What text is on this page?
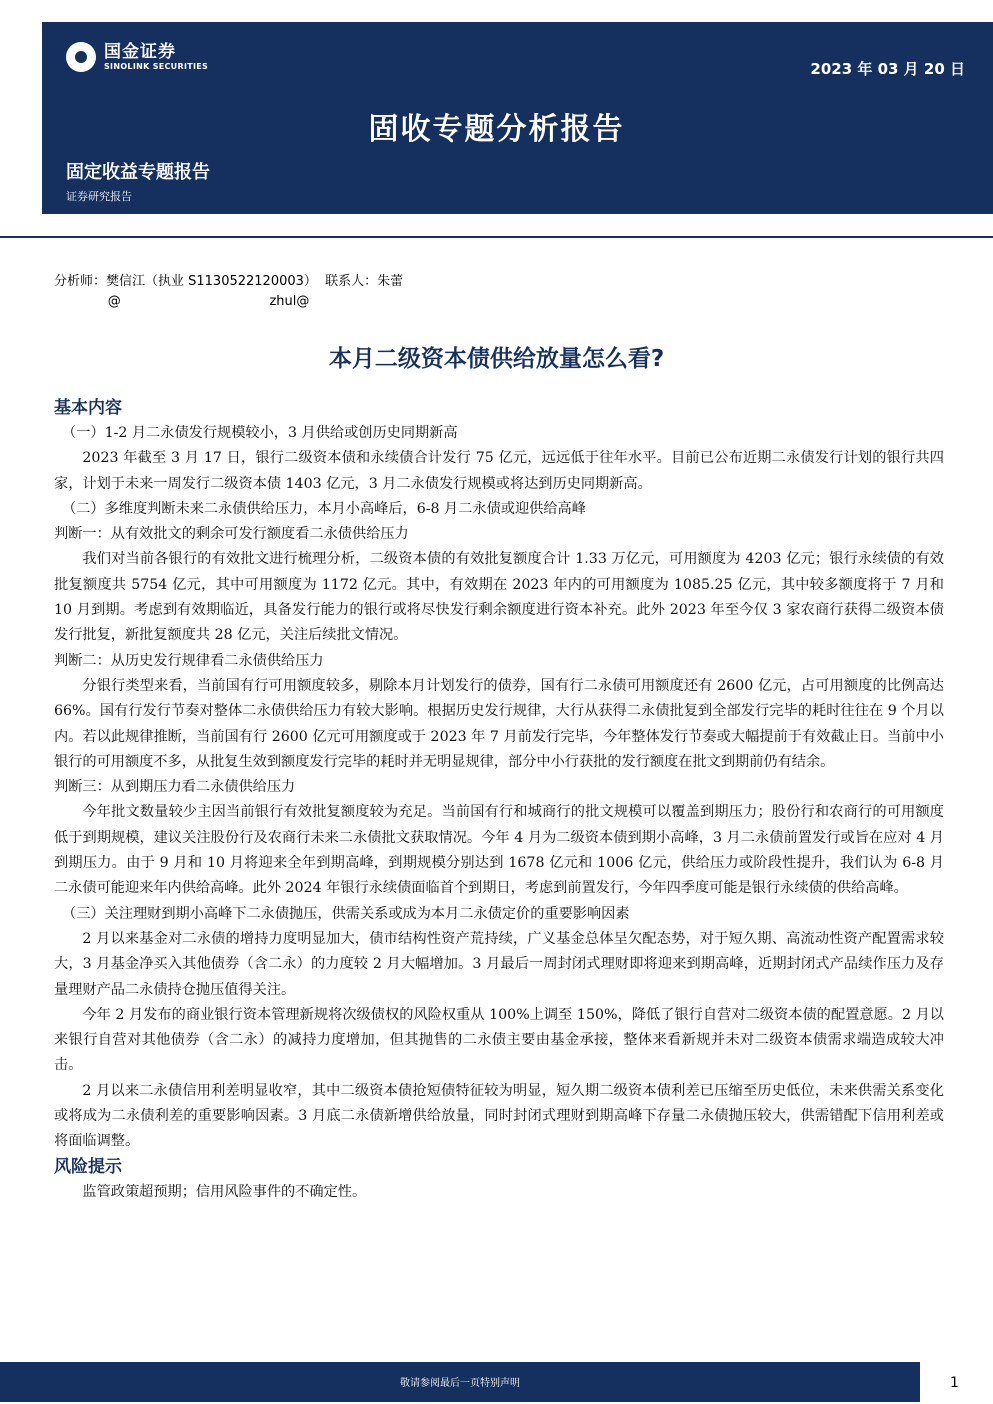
国金证券
SINOLINK SECURITIES	2023 年 03 月 20 日
固收专题分析报告
固定收益专题报告
证券研究报告
分析师：樊信江（执业 S1130522120003）  联系人：朱蕾
@                                    zhul@
本月二级资本债供给放量怎么看?
基本内容
（一）1-2 月二永债发行规模较小，3 月供给或创历史同期新高
2023 年截至 3 月 17 日，银行二级资本债和永续债合计发行 75 亿元，远远低于往年水平。目前已公布近期二永债发行计划的银行共四家，计划于未来一周发行二级资本债 1403 亿元，3 月二永债发行规模或将达到历史同期新高。
（二）多维度判断未来二永债供给压力，本月小高峰后，6-8 月二永债或迎供给高峰
判断一：从有效批文的剩余可发行额度看二永债供给压力
我们对当前各银行的有效批文进行梳理分析，二级资本债的有效批复额度合计 1.33 万亿元，可用额度为 4203 亿元；银行永续债的有效批复额度共 5754 亿元，其中可用额度为 1172 亿元。其中，有效期在 2023 年内的可用额度为 1085.25 亿元，其中较多额度将于 7 月和 10 月到期。考虑到有效期临近，具备发行能力的银行或将尽快发行剩余额度进行资本补充。此外 2023 年至今仅 3 家农商行获得二级资本债发行批复，新批复额度共 28 亿元，关注后续批文情况。
判断二：从历史发行规律看二永债供给压力
分银行类型来看，当前国有行可用额度较多，剔除本月计划发行的债券，国有行二永债可用额度还有 2600 亿元，占可用额度的比例高达 66%。国有行发行节奏对整体二永债供给压力有较大影响。根据历史发行规律，大行从获得二永债批复到全部发行完毕的耗时往往在 9 个月以内。若以此规律推断，当前国有行 2600 亿元可用额度或于 2023 年 7 月前发行完毕，今年整体发行节奏或大幅提前于有效截止日。当前中小银行的可用额度不多，从批复生效到额度发行完毕的耗时并无明显规律，部分中小行获批的发行额度在批文到期前仍有结余。
判断三：从到期压力看二永债供给压力
今年批文数量较少主因当前银行有效批复额度较为充足。当前国有行和城商行的批文规模可以覆盖到期压力；股份行和农商行的可用额度低于到期规模，建议关注股份行及农商行未来二永债批文获取情况。今年 4 月为二级资本债到期小高峰，3 月二永债前置发行或旨在应对 4 月到期压力。由于 9 月和 10 月将迎来全年到期高峰，到期规模分别达到 1678 亿元和 1006 亿元，供给压力或阶段性提升，我们认为 6-8 月二永债可能迎来年内供给高峰。此外 2024 年银行永续债面临首个到期日，考虑到前置发行，今年四季度可能是银行永续债的供给高峰。
（三）关注理财到期小高峰下二永债抛压，供需关系或成为本月二永债定价的重要影响因素
2 月以来基金对二永债的增持力度明显加大，债市结构性资产荒持续，广义基金总体呈欠配态势，对于短久期、高流动性资产配置需求较大，3 月基金净买入其他债券（含二永）的力度较 2 月大幅增加。3 月最后一周封闭式理财即将迎来到期高峰，近期封闭式产品续作压力及存量理财产品二永债持仓抛压值得关注。
今年 2 月发布的商业银行资本管理新规将次级债权的风险权重从 100%上调至 150%，降低了银行自营对二级资本债的配置意愿。2 月以来银行自营对其他债券（含二永）的减持力度增加，但其抛售的二永债主要由基金承接，整体来看新规并未对二级资本债需求端造成较大冲击。
2 月以来二永债信用利差明显收窄，其中二级资本债抢短债特征较为明显，短久期二级资本债利差已压缩至历史低位，未来供需关系变化或将成为二永债利差的重要影响因素。3 月底二永债新增供给放量，同时封闭式理财到期高峰下存量二永债抛压较大，供需错配下信用利差或将面临调整。
风险提示
监管政策超预期；信用风险事件的不确定性。
敬请参阅最后一页特别声明	1
